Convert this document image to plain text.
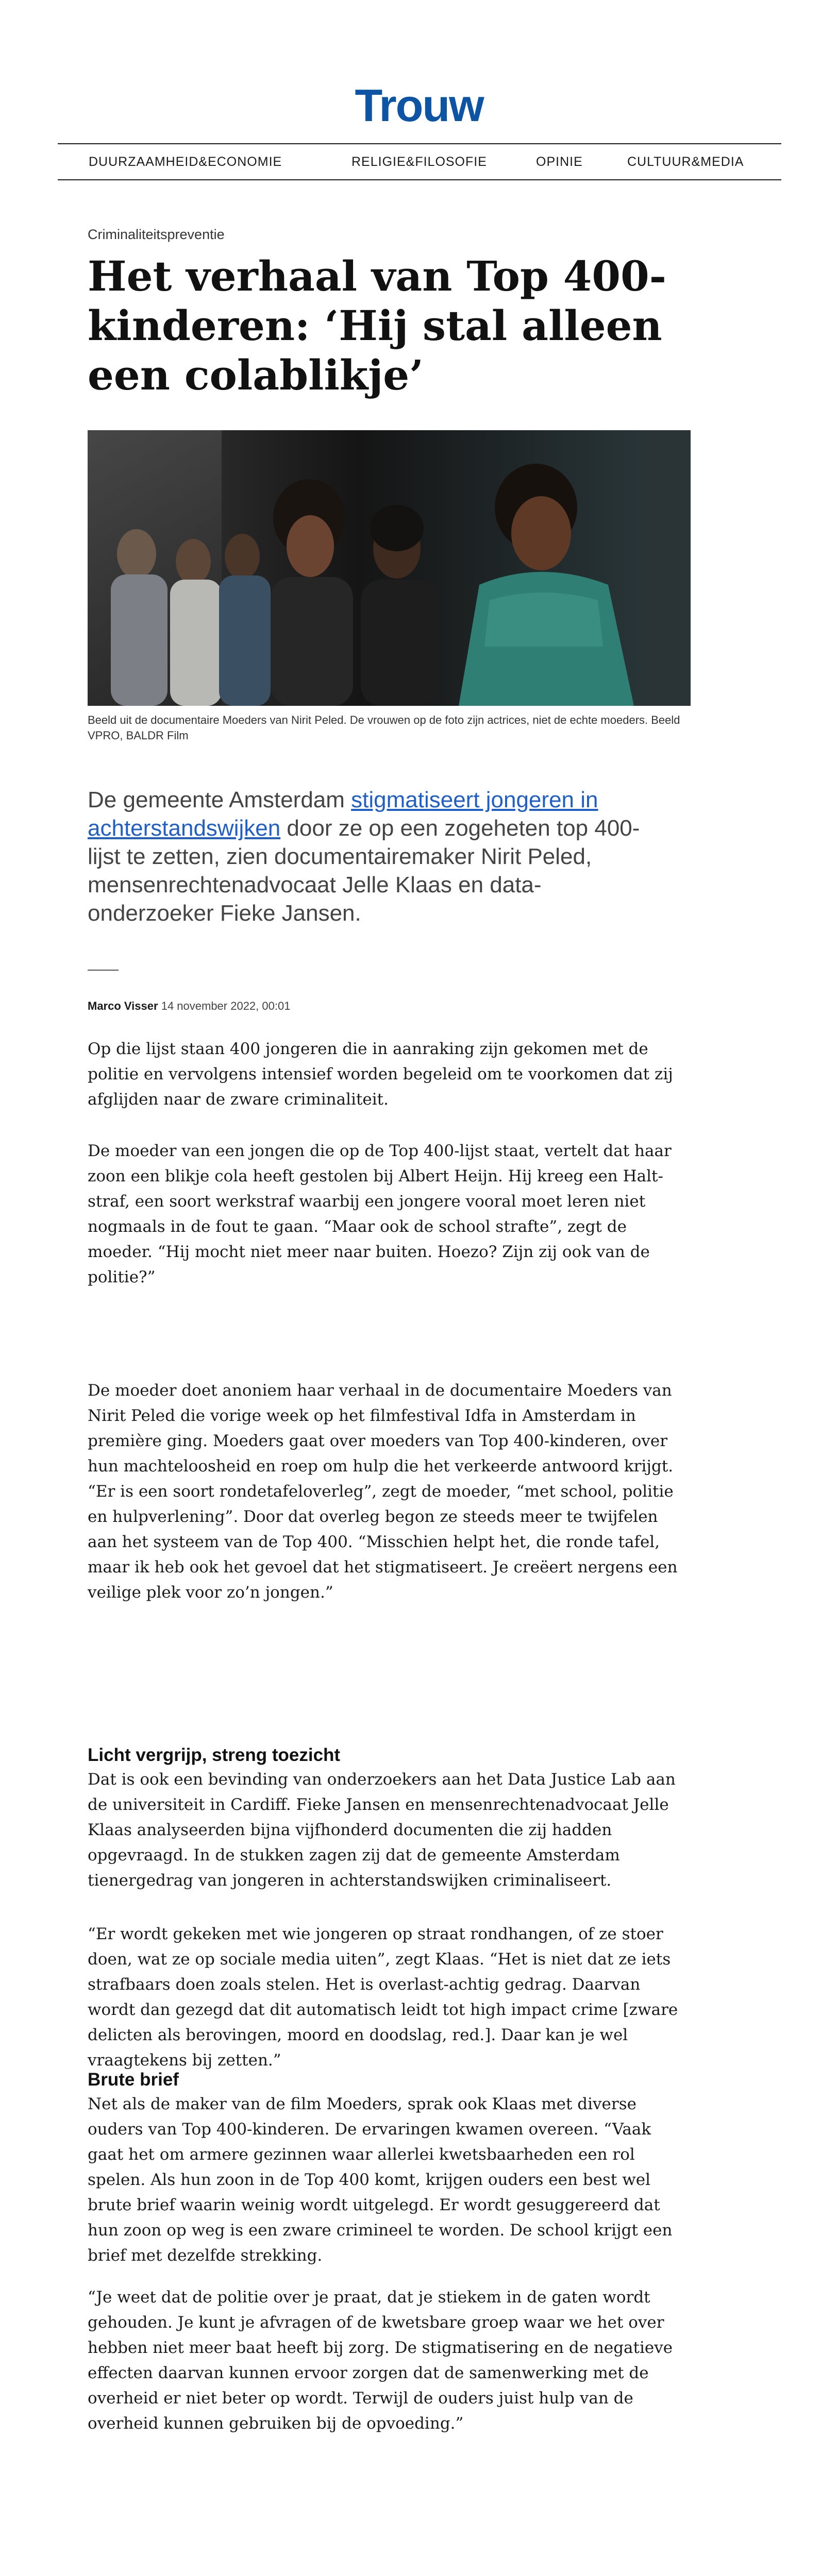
Trouw
DUURZAAMHEID&ECONOMIE	RELIGIE&FILOSOFIE	OPINIE	CULTUUR&MEDIA
Criminaliteitspreventie
Het verhaal van Top 400-kinderen: ‘Hij stal alleen een colablikje’
Beeld uit de documentaire Moeders van Nirit Peled. De vrouwen op de foto zijn actrices, niet de echte moeders. Beeld VPRO, BALDR Film
De gemeente Amsterdam stigmatiseert jongeren in achterstandswijken door ze op een zogeheten top 400-lijst te zetten, zien documentairemaker Nirit Peled, mensenrechtenadvocaat Jelle Klaas en data-onderzoeker Fieke Jansen.
Marco Visser 14 november 2022, 00:01

Op die lijst staan 400 jongeren die in aanraking zijn gekomen met de politie en vervolgens intensief worden begeleid om te voorkomen dat zij afglijden naar de zware criminaliteit.

De moeder van een jongen die op de Top 400-lijst staat, vertelt dat haar zoon een blikje cola heeft gestolen bij Albert Heijn. Hij kreeg een Halt-straf, een soort werkstraf waarbij een jongere vooral moet leren niet nogmaals in de fout te gaan. “Maar ook de school strafte”, zegt de moeder. “Hij mocht niet meer naar buiten. Hoezo? Zijn zij ook van de politie?”

De moeder doet anoniem haar verhaal in de documentaire Moeders van Nirit Peled die vorige week op het filmfestival Idfa in Amsterdam in première ging. Moeders gaat over moeders van Top 400-kinderen, over hun machteloosheid en roep om hulp die het verkeerde antwoord krijgt. “Er is een soort rondetafeloverleg”, zegt de moeder, “met school, politie en hulpverlening”. Door dat overleg begon ze steeds meer te twijfelen aan het systeem van de Top 400. “Misschien helpt het, die ronde tafel, maar ik heb ook het gevoel dat het stigmatiseert. Je creëert nergens een veilige plek voor zo’n jongen.”

Licht vergrijp, streng toezicht

Dat is ook een bevinding van onderzoekers aan het Data Justice Lab aan de universiteit in Cardiff. Fieke Jansen en mensenrechtenadvocaat Jelle Klaas analyseerden bijna vijfhonderd documenten die zij hadden opgevraagd. In de stukken zagen zij dat de gemeente Amsterdam tienergedrag van jongeren in achterstandswijken criminaliseert.

“Er wordt gekeken met wie jongeren op straat rondhangen, of ze stoer doen, wat ze op sociale media uiten”, zegt Klaas. “Het is niet dat ze iets strafbaars doen zoals stelen. Het is overlast-achtig gedrag. Daarvan wordt dan gezegd dat dit automatisch leidt tot high impact crime [zware delicten als berovingen, moord en doodslag, red.]. Daar kan je wel vraagtekens bij zetten.”

Brute brief

Net als de maker van de film Moeders, sprak ook Klaas met diverse ouders van Top 400-kinderen. De ervaringen kwamen overeen. “Vaak gaat het om armere gezinnen waar allerlei kwetsbaarheden een rol spelen. Als hun zoon in de Top 400 komt, krijgen ouders een best wel brute brief waarin weinig wordt uitgelegd. Er wordt gesuggereerd dat hun zoon op weg is een zware crimineel te worden. De school krijgt een brief met dezelfde strekking.

“Je weet dat de politie over je praat, dat je stiekem in de gaten wordt gehouden. Je kunt je afvragen of de kwetsbare groep waar we het over hebben niet meer baat heeft bij zorg. De stigmatisering en de negatieve effecten daarvan kunnen ervoor zorgen dat de samenwerking met de overheid er niet beter op wordt. Terwijl de ouders juist hulp van de overheid kunnen gebruiken bij de opvoeding.”
